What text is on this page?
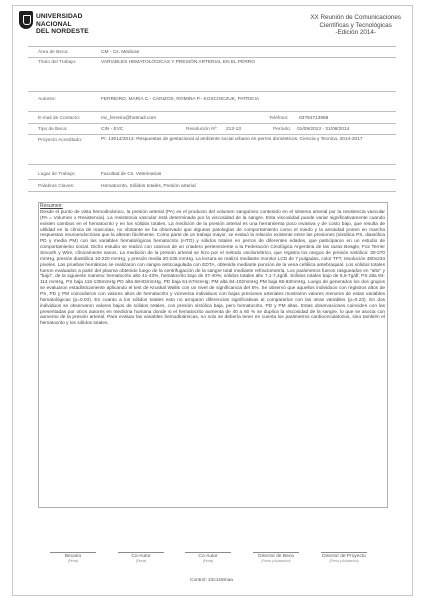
UNIVERSIDAD
NACIONAL
DEL NORDESTE
XX Reunión de Comunicaciones
Científicas y Tecnológicas
-Edición 2014-
Área de Beca:	CM - Cs. Médicas
Título del Trabajo:	VARIABLES HEMATOLÓGICAS Y PRESIÓN ARTERIAL EN EL PERRO
Autores:	FERREIRO, MARIA C.- CAINZOS, ROMINA P.- KOSCINCZUK, PATRICIA
E-mail de Contacto:	mc_ferreiro@hotmail.com	Teléfono: 03794713968
Tipo de Beca:	CIN - EVC	Resolución Nº: 212-13	Período: 01/09/2013 - 31/08/2014
Proyecto Acreditado:	PI: 13014/2013, Respuestas de gestacional al ambiente social urbano en perros domésticos. Ciencia y Tecnica, 2014-2017
Lugar de Trabajo:	Facultad de Cs. Veterinarias
Palabras Claves:	Hematocrito, Sólidos totales, Presión arterial
Resumen:
Desde el punto de vista hemodinámico, la presión arterial (PA) es el producto del volumen sanguíneo contenido en el sistema arterial por la resistencia vascular (PA = Volumen x Resistencia). La resistencia vascular está determinada por la viscosidad de la sangre. Esta viscosidad puede variar significativamente cuando existen cambios en el hematocrito y en los sólidos totales. La medición de la presión arterial es una herramienta poco invasiva y de costo bajo, que resulta de utilidad en la clínica de mascotas, no obstante se ha observado que algunas patologías de comportamiento como el miedo y la ansiedad ponen en marcha respuestas neuroendocrinas que la alteran fácilmente. Como parte de un trabajo mayor, se evaluó la relación existente entre las presiones (sistólica PS, diastólica PD y media PM) con las variables hematológicas hematocrito (HTO) y sólidos totales en perros de diferentes edades, que participaron en un estudio de comportamiento social. Dicho estudio se realizó con caninos de un criadero perteneciente a la Federación Cinológica Argentina de las razas Beagle, Fox Terrier Smooth y Wire, clínicamente sanos. La medición de la presión arterial se hizo por el método oscilométrico, que registra los rangos de presión sistólica: 30-270 mmHg, presión diastólica 10-220 mmHg, y presión media 20-235 mmHg. La lectura se realizó mediante monitor LCD de 7 pulgadas, color TFT, resolución 480x234 píxeles. Las pruebas hemáticas se realizaron con sangre anticoagulada con EDTA, obtenida mediante punción de la vena cefálica antebraquial. Los sólidos totales fueron evaluados a partir del plasma obtenido luego de la centrifugación de la sangre total mediante refractometría. Los parámetros fueron rasgueados en "alto" y "bajo", de la siguiente manera: hematocrito alto 41-43%, hematocrito bajo de 37-40%; sólidos totales alto 7,1-7,4g/dl. Sólidos totales bajo de 6,6-7g/dl; PS alta 93-114 mmHg, PS baja 115-135mmHg PD alta 68-83mmHg, PD baja 51-67mmHg; PM alta 84-102mmHg PM baja 65-83mmHg. Luego de generados los dos grupos se evaluaron estadísticamente aplicando el test de Kruskal Wallis con un nivel de significancia del 5%. Se observó que aquellos individuos con registros altos de PS, PD y PM coincidieron con valores altos de hematocrito y viceversa individuos con bajas presiones arteriales mostraron valores menores de estas variables hematológicas (p=0.03). En cuanto a los sólidos totales esto no arrojaron diferencias significativas al compararlos con las otras variables (p=0.23). En dos individuos se observaron valores bajos de sólidos totales, con presión sistólica baja, pero hematocrito, PD y PM altas. Estas observaciones coinciden con las presentadas por otros autores en medicina humana donde si el hematocrito aumenta de 40 a 60 % se duplica la viscosidad de la sangre, lo que se asocia con aumento de la presión arterial. Para evaluar las variables hemodinámicas, no solo se debería tener en cuenta los parámetros cardiocirculatorios, sino también el hematocrito y los sólidos totales.
Becario
(Firma)
Co-Autor
(Firma)
Co-Autor
(Firma)
Director de Beca
(Firma y Aclaración)
Director de Proyecto
(Firma y Aclaración)
Control: 23c1s8maa
